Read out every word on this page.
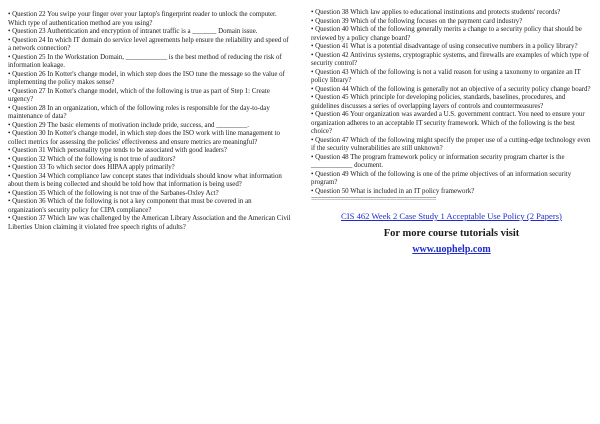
• Question 22 You swipe your finger over your laptop's fingerprint reader to unlock the computer. Which type of authentication method are you using?

• Question 23 Authentication and encryption of intranet traffic is a _______ Domain issue.

• Question 24 In which IT domain do service level agreements help ensure the reliability and speed of a network connection?

• Question 25 In the Workstation Domain, ____________ is the best method of reducing the risk of information leakage.

• Question 26 In Kotter's change model, in which step does the ISO tune the message so the value of implementing the policy makes sense?

• Question 27 In Kotter's change model, which of the following is true as part of Step 1: Create urgency?

• Question 28 In an organization, which of the following roles is responsible for the day-to-day maintenance of data?

• Question 29 The basic elements of motivation include pride, success, and _________.

• Question 30 In Kotter's change model, in which step does the ISO work with line management to collect metrics for assessing the policies' effectiveness and ensure metrics are meaningful?

• Question 31 Which personality type tends to be associated with good leaders?

• Question 32 Which of the following is not true of auditors?

• Question 33 To which sector does HIPAA apply primarily?

• Question 34 Which compliance law concept states that individuals should know what information about them is being collected and should be told how that information is being used?

• Question 35 Which of the following is not true of the Sarbanes-Oxley Act?

• Question 36 Which of the following is not a key component that must be covered in an organization's security policy for CIPA compliance?

• Question 37 Which law was challenged by the American Library Association and the American Civil Liberties Union claiming it violated free speech rights of adults?

• Question 38 Which law applies to educational institutions and protects students' records?

• Question 39 Which of the following focuses on the payment card industry?

• Question 40 Which of the following generally merits a change to a security policy that should be reviewed by a policy change board?

• Question 41 What is a potential disadvantage of using consecutive numbers in a policy library?

• Question 42 Antivirus systems, cryptographic systems, and firewalls are examples of which type of security control?

• Question 43 Which of the following is not a valid reason for using a taxonomy to organize an IT policy library?

• Question 44 Which of the following is generally not an objective of a security policy change board?

• Question 45 Which principle for developing policies, standards, baselines, procedures, and guidelines discusses a series of overlapping layers of controls and countermeasures?

• Question 46 Your organization was awarded a U.S. government contract. You need to ensure your organization adheres to an acceptable IT security framework. Which of the following is the best choice?

• Question 47 Which of the following might specify the proper use of a cutting-edge technology even if the security vulnerabilities are still unknown?

• Question 48 The program framework policy or information security program charter is the ____________ document.

• Question 49 Which of the following is one of the prime objectives of an information security program?

• Question 50 What is included in an IT policy framework?

======================================
CIS 462 Week 2 Case Study 1 Acceptable Use Policy (2 Papers)
For more course tutorials visit
www.uophelp.com
